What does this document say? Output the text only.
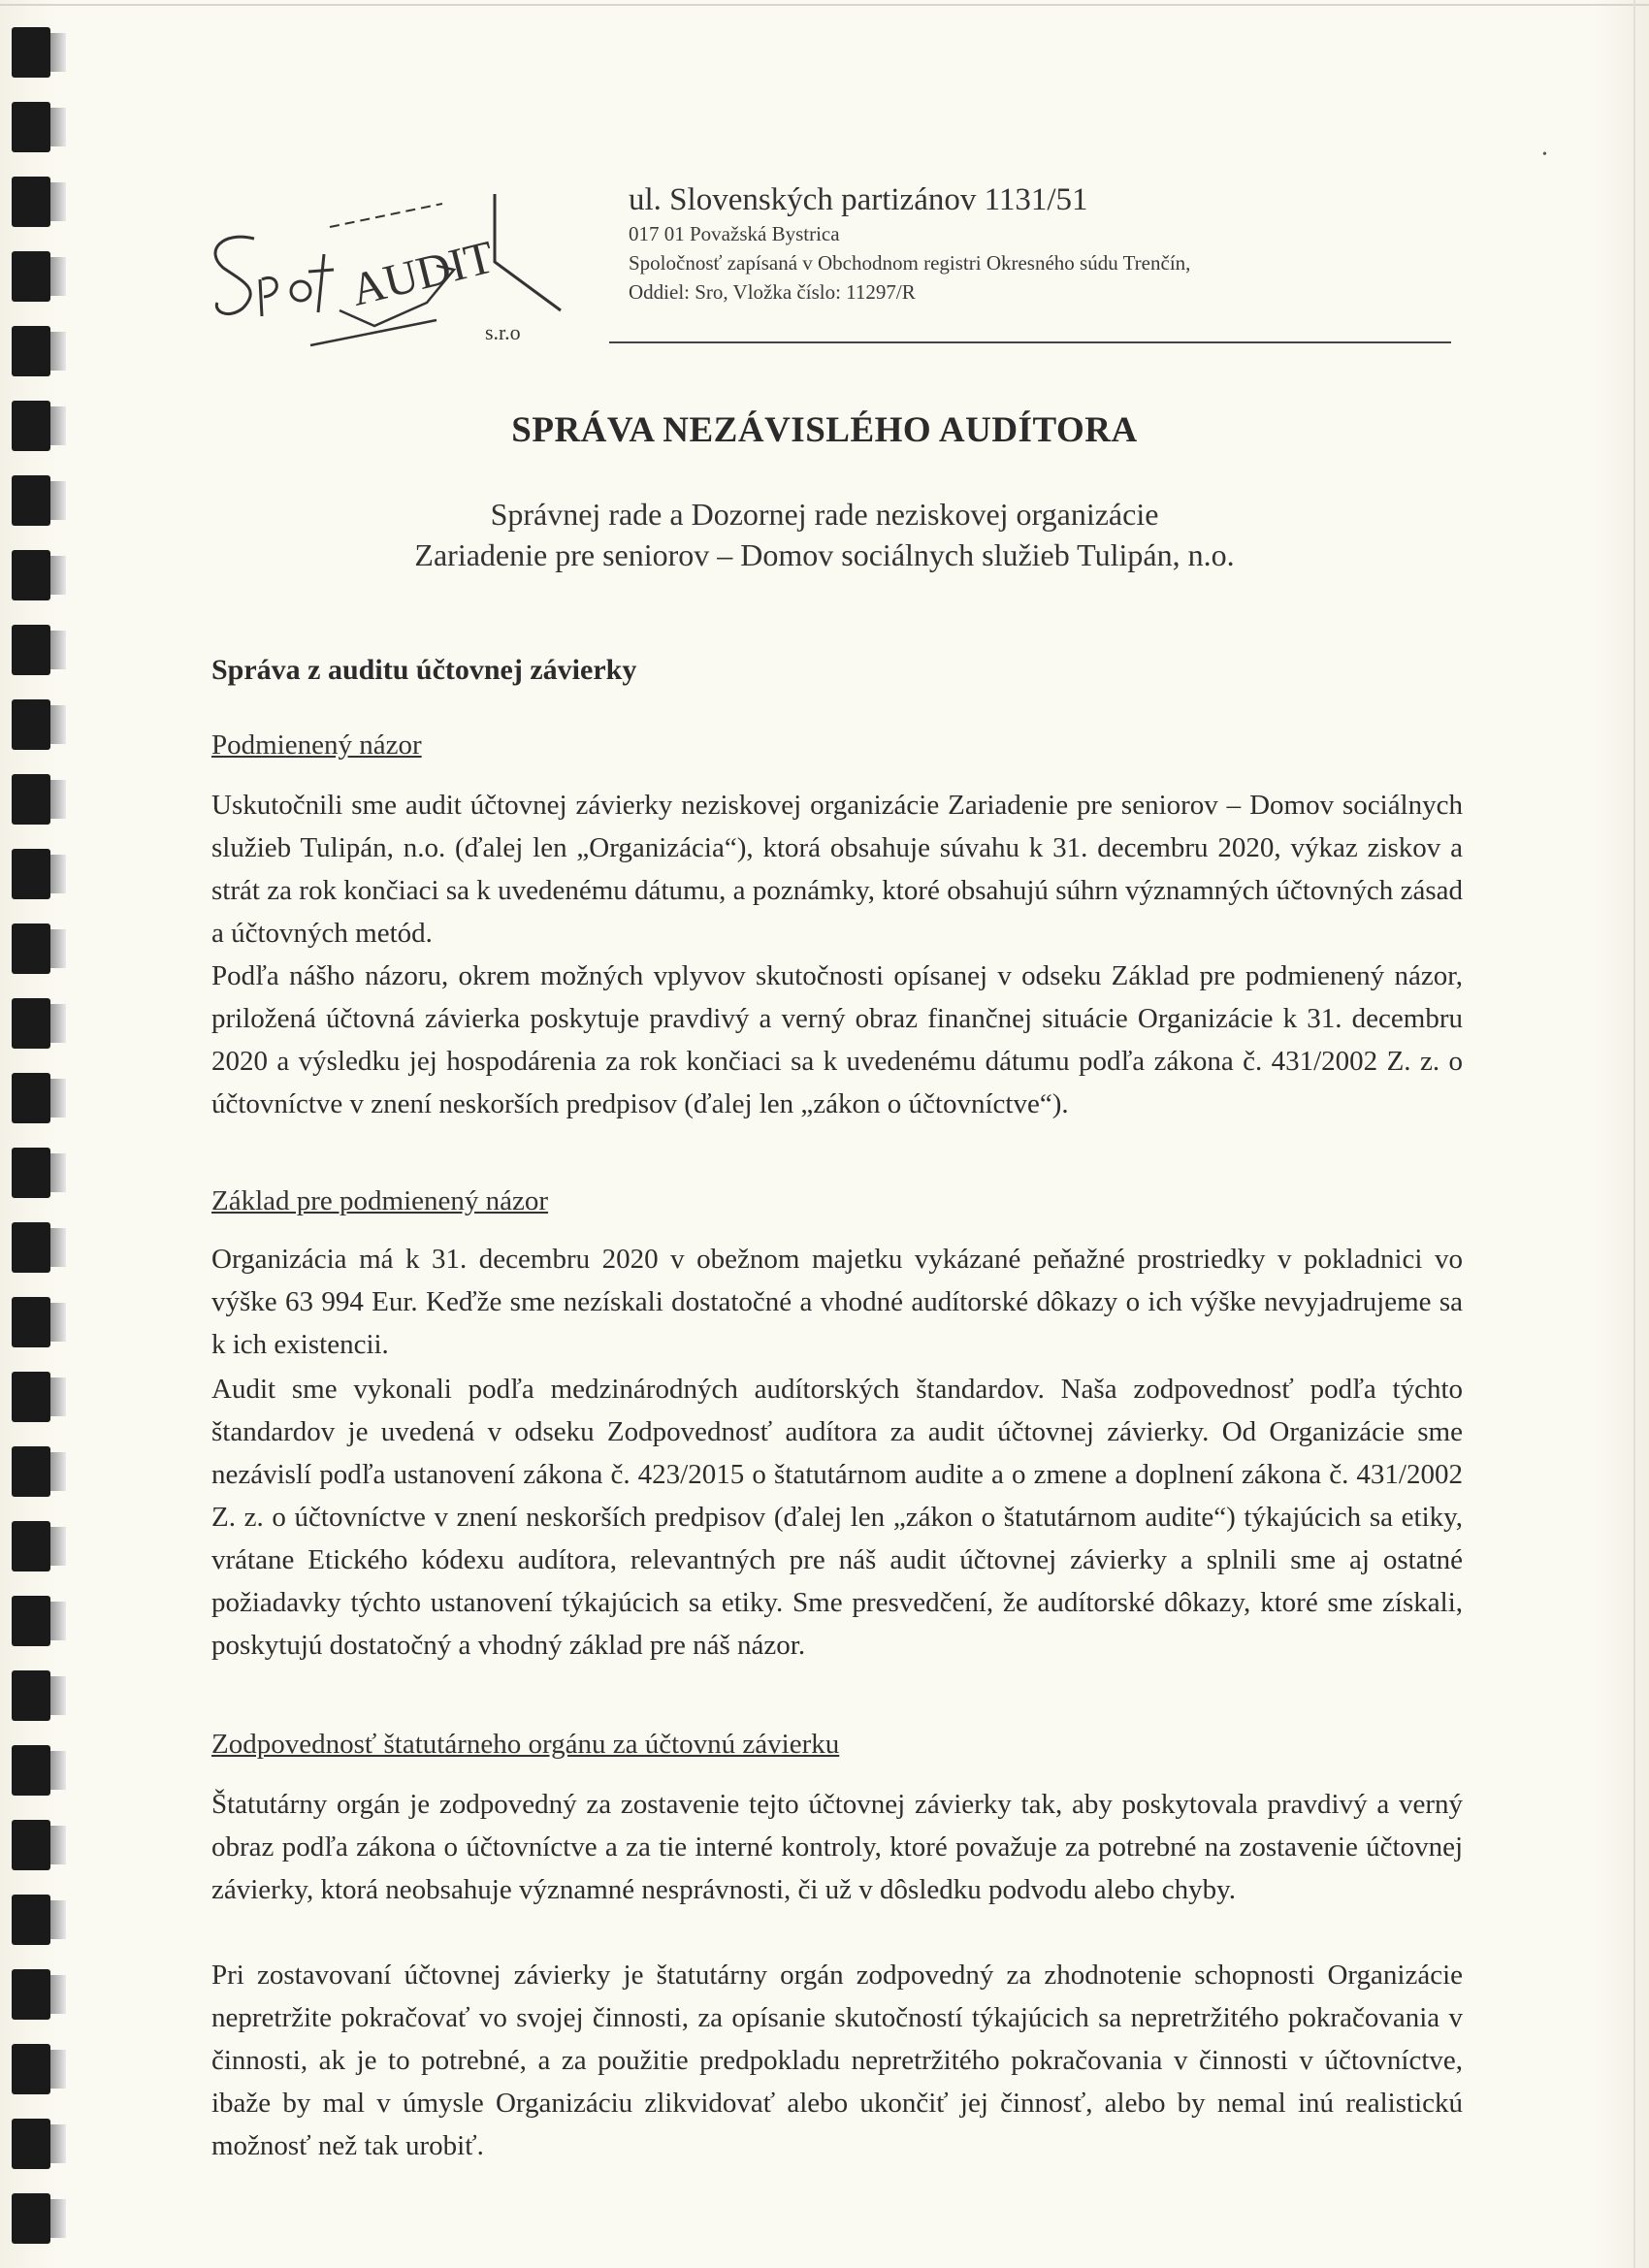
•
AUDIT
s.r.o
ul. Slovenských partizánov 1131/51
017 01 Považská Bystrica
Spoločnosť zapísaná v Obchodnom registri Okresného súdu Trenčín,
Oddiel: Sro, Vložka číslo: 11297/R
SPRÁVA NEZÁVISLÉHO AUDÍTORA
Správnej rade a Dozornej rade neziskovej organizácie
Zariadenie pre seniorov – Domov sociálnych služieb Tulipán, n.o.
Správa z auditu účtovnej závierky
Podmienený názor

Uskutočnili sme audit účtovnej závierky neziskovej organizácie Zariadenie pre seniorov – Domov sociálnych služieb Tulipán, n.o. (ďalej len „Organizácia“), ktorá obsahuje súvahu k 31. decembru 2020, výkaz ziskov a strát za rok končiaci sa k uvedenému dátumu, a poznámky, ktoré obsahujú súhrn významných účtovných zásad a účtovných metód.

Podľa nášho názoru, okrem možných vplyvov skutočnosti opísanej v odseku Základ pre podmienený názor, priložená účtovná závierka poskytuje pravdivý a verný obraz finančnej situácie Organizácie k 31. decembru 2020 a výsledku jej hospodárenia za rok končiaci sa k uvedenému dátumu podľa zákona č. 431/2002 Z. z. o účtovníctve v znení neskorších predpisov (ďalej len „zákon o účtovníctve“).

Základ pre podmienený názor

Organizácia má k 31. decembru 2020 v obežnom majetku vykázané peňažné prostriedky v pokladnici vo výške 63 994 Eur. Keďže sme nezískali dostatočné a vhodné audítorské dôkazy o ich výške nevyjadrujeme sa k ich existencii.

Audit sme vykonali podľa medzinárodných audítorských štandardov. Naša zodpovednosť podľa týchto štandardov je uvedená v odseku Zodpovednosť audítora za audit účtovnej závierky. Od Organizácie sme nezávislí podľa ustanovení zákona č. 423/2015 o štatutárnom audite a o zmene a doplnení zákona č. 431/2002 Z. z. o účtovníctve v znení neskorších predpisov (ďalej len „zákon o štatutárnom audite“) týkajúcich sa etiky, vrátane Etického kódexu audítora, relevantných pre náš audit účtovnej závierky a splnili sme aj ostatné požiadavky týchto ustanovení týkajúcich sa etiky. Sme presvedčení, že audítorské dôkazy, ktoré sme získali, poskytujú dostatočný a vhodný základ pre náš názor.

Zodpovednosť štatutárneho orgánu za účtovnú závierku

Štatutárny orgán je zodpovedný za zostavenie tejto účtovnej závierky tak, aby poskytovala pravdivý a verný obraz podľa zákona o účtovníctve a za tie interné kontroly, ktoré považuje za potrebné na zostavenie účtovnej závierky, ktorá neobsahuje významné nesprávnosti, či už v dôsledku podvodu alebo chyby.

Pri zostavovaní účtovnej závierky je štatutárny orgán zodpovedný za zhodnotenie schopnosti Organizácie nepretržite pokračovať vo svojej činnosti, za opísanie skutočností týkajúcich sa nepretržitého pokračovania v činnosti, ak je to potrebné, a za použitie predpokladu nepretržitého pokračovania v činnosti v účtovníctve, ibaže by mal v úmysle Organizáciu zlikvidovať alebo ukončiť jej činnosť, alebo by nemal inú realistickú možnosť než tak urobiť.
